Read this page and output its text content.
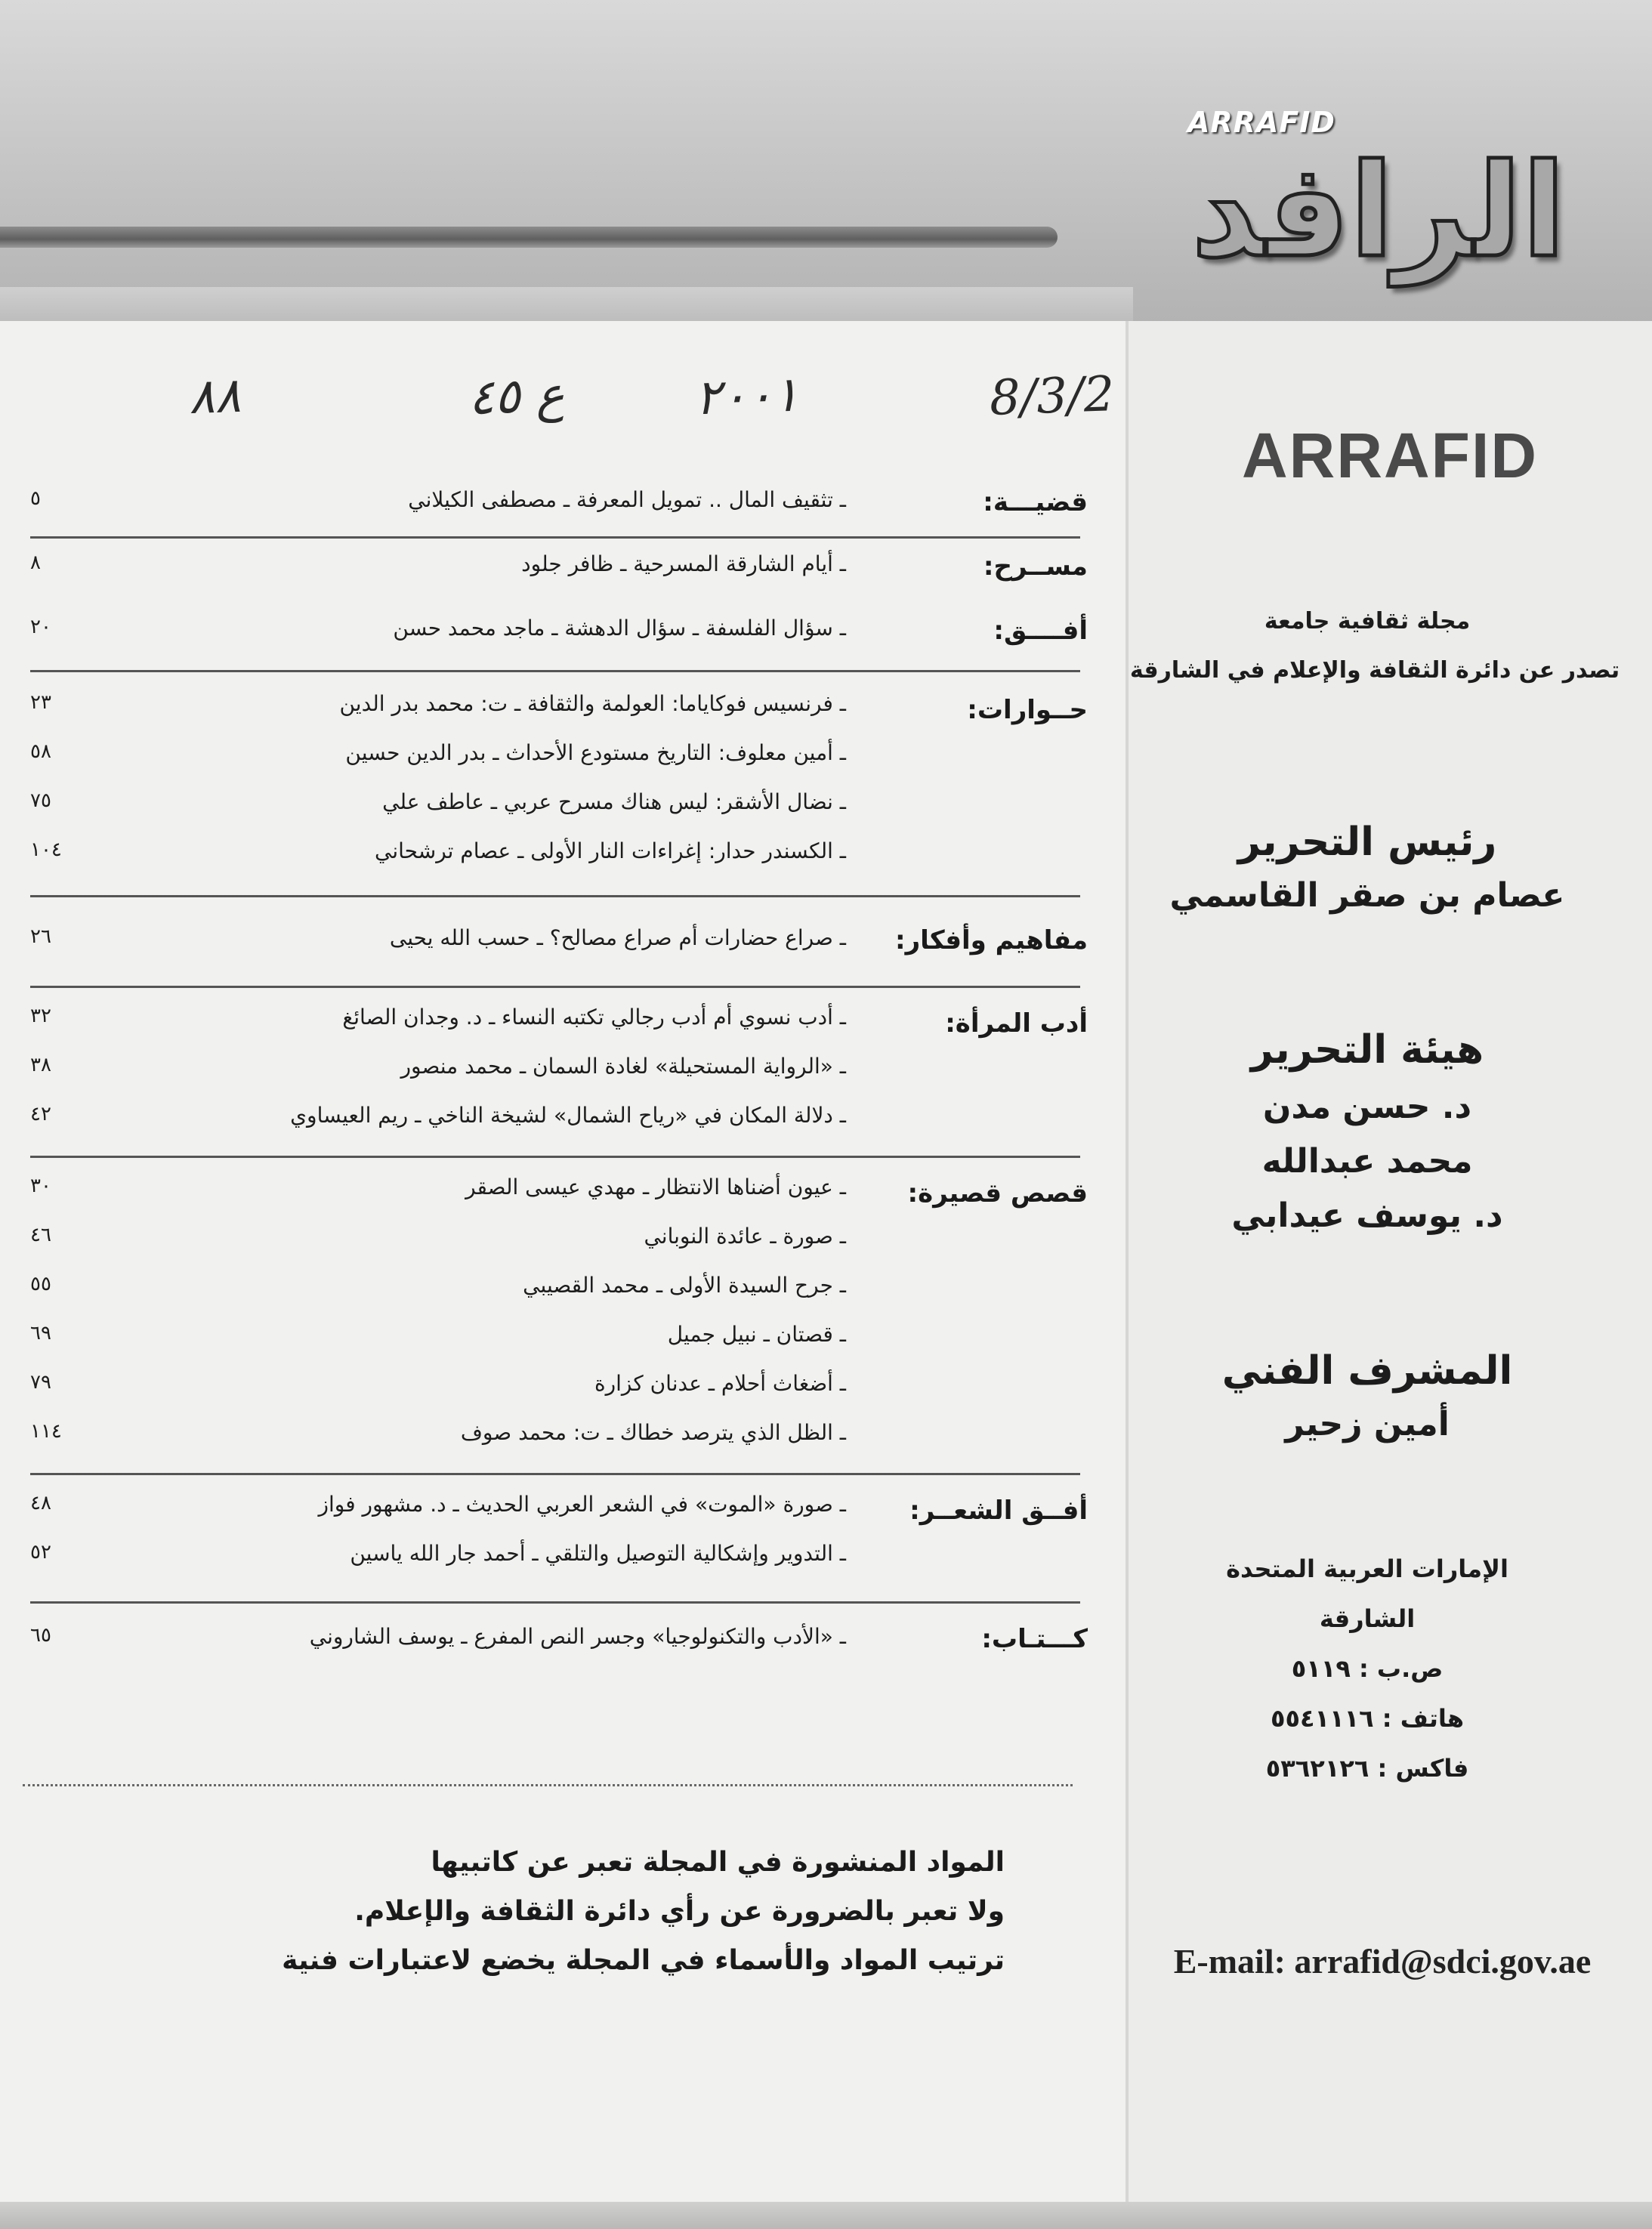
الرافد
ARRAFID
8/3/2
٢٠٠١
ع ٤٥
٨٨
ARRAFID
مجلة ثقافية جامعة
تصدر عن دائرة الثقافة والإعلام في الشارقة
رئيس التحرير
عصام بن صقر القاسمي
هيئة التحرير
د. حسن مدن
محمد عبدالله
د. يوسف عيدابي
المشرف الفني
أمين زحير
الإمارات العربية المتحدة
الشارقة
ص.ب : ٥١١٩
هاتف : ٥٥٤١١١٦
فاكس : ٥٣٦٢١٢٦
E-mail: arrafid@sdci.gov.ae
قضيـــة:
ـ تثقيف المال .. تمويل المعرفة ـ مصطفى الكيلاني
٥
مســرح:
ـ أيام الشارقة المسرحية ـ ظافر جلود
٨
أفــــق:
ـ سؤال الفلسفة ـ سؤال الدهشة ـ ماجد محمد حسن
٢٠
حــوارات:
ـ فرنسيس فوكاياما: العولمة والثقافة ـ ت: محمد بدر الدين
٢٣
ـ أمين معلوف: التاريخ مستودع الأحداث ـ بدر الدين حسين
٥٨
ـ نضال الأشقر: ليس هناك مسرح عربي ـ عاطف علي
٧٥
ـ الكسندر حدار: إغراءات النار الأولى ـ عصام ترشحاني
١٠٤
مفاهيم وأفكار:
ـ صراع حضارات أم صراع مصالح؟ ـ حسب الله يحيى
٢٦
أدب المرأة:
ـ أدب نسوي أم أدب رجالي تكتبه النساء ـ د. وجدان الصائغ
٣٢
ـ «الرواية المستحيلة» لغادة السمان ـ محمد منصور
٣٨
ـ دلالة المكان في «رياح الشمال» لشيخة الناخي ـ ريم العيساوي
٤٢
قصص قصيرة:
ـ عيون أضناها الانتظار ـ مهدي عيسى الصقر
٣٠
ـ صورة ـ عائدة النوباني
٤٦
ـ جرح السيدة الأولى ـ محمد القصيبي
٥٥
ـ قصتان ـ نبيل جميل
٦٩
ـ أضغاث أحلام ـ عدنان كزارة
٧٩
ـ الظل الذي يترصد خطاك ـ ت: محمد صوف
١١٤
أفــق الشعــر:
ـ صورة «الموت» في الشعر العربي الحديث ـ د. مشهور فواز
٤٨
ـ التدوير وإشكالية التوصيل والتلقي ـ أحمد جار الله ياسين
٥٢
كـــتـاب:
ـ «الأدب والتكنولوجيا» وجسر النص المفرع ـ يوسف الشاروني
٦٥
المواد المنشورة في المجلة تعبر عن كاتبيها
ولا تعبر بالضرورة عن رأي دائرة الثقافة والإعلام.
ترتيب المواد والأسماء في المجلة يخضع لاعتبارات فنية
